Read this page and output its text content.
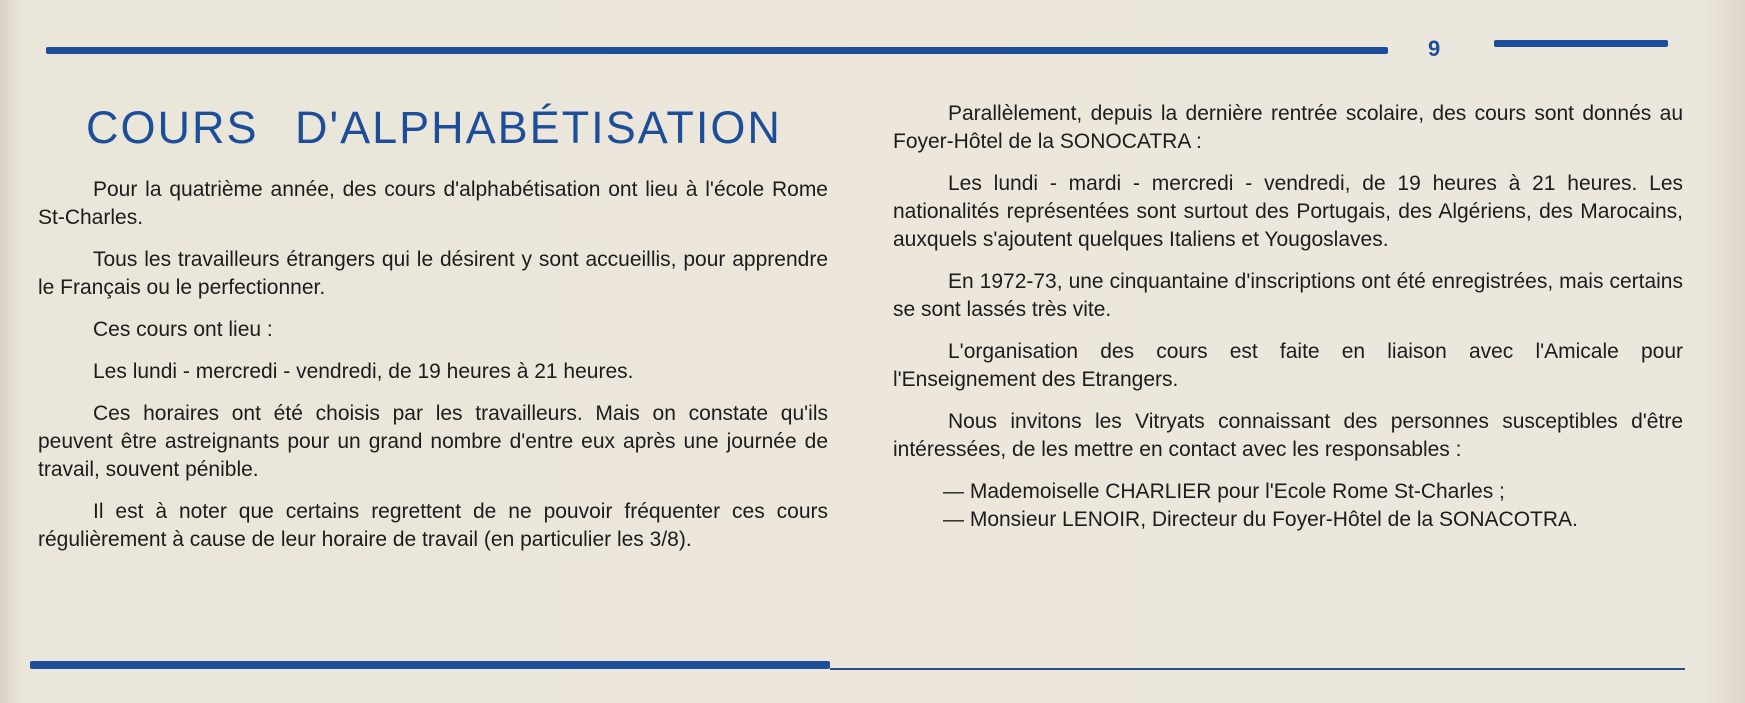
9
COURS D'ALPHABÉTISATION

Pour la quatrième année, des cours d'alphabétisation ont lieu à l'école Rome St-Charles.

Tous les travailleurs étrangers qui le désirent y sont accueillis, pour apprendre le Français ou le perfectionner.

Ces cours ont lieu :

Les lundi - mercredi - vendredi, de 19 heures à 21 heures.

Ces horaires ont été choisis par les travailleurs. Mais on constate qu'ils peuvent être astreignants pour un grand nombre d'entre eux après une journée de travail, souvent pénible.

Il est à noter que certains regrettent de ne pouvoir fréquenter ces cours régulièrement à cause de leur horaire de travail (en particulier les 3/8).

Parallèlement, depuis la dernière rentrée scolaire, des cours sont donnés au Foyer-Hôtel de la SONOCATRA :

Les lundi - mardi - mercredi - vendredi, de 19 heures à 21 heures. Les nationalités représentées sont surtout des Portugais, des Algériens, des Marocains, auxquels s'ajoutent quelques Italiens et Yougoslaves.

En 1972-73, une cinquantaine d'inscriptions ont été enregistrées, mais certains se sont lassés très vite.

L'organisation des cours est faite en liaison avec l'Amicale pour l'Enseignement des Etrangers.

Nous invitons les Vitryats connaissant des personnes susceptibles d'être intéressées, de les mettre en contact avec les responsables :

— Mademoiselle CHARLIER pour l'Ecole Rome St-Charles ;

— Monsieur LENOIR, Directeur du Foyer-Hôtel de la SONACOTRA.
